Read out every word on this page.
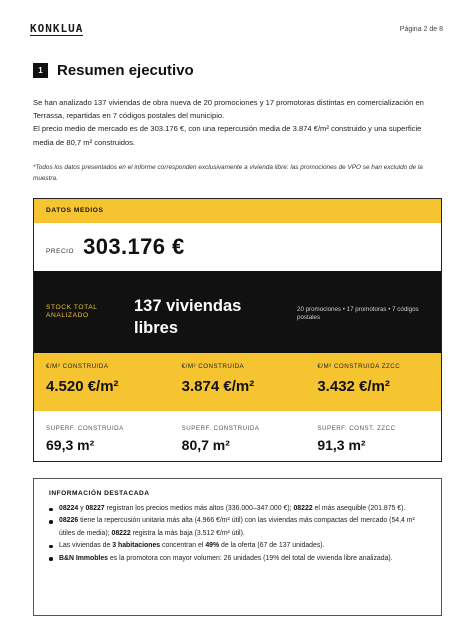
KONKLUA	Página 2 de 8
1 Resumen ejecutivo

Se han analizado 137 viviendas de obra nueva de 20 promociones y 17 promotoras distintas en comercialización en Terrassa, repartidas en 7 códigos postales del municipio.

El precio medio de mercado es de 303.176 €, con una repercusión media de 3.874 €/m² construido y una superficie media de 80,7 m² construidos.

*Todos los datos presentados en el informe corresponden exclusivamente a vivienda libre: las promociones de VPO se han excluido de la muestra.
DATOS MEDIOS
PRECIO 303.176 €
STOCK TOTAL ANALIZADO
137 viviendas libres
20 promociones • 17 promotoras • 7 códigos postales
€/M² CONSTRUIDA
4.520 €/m²
€/M² CONSTRUIDA
3.874 €/m²
€/M² CONSTRUIDA ZZCC
3.432 €/m²
SUPERF. CONSTRUIDA
69,3 m²
SUPERF. CONSTRUIDA
80,7 m²
SUPERF. CONST. ZZCC
91,3 m²
INFORMACIÓN DESTACADA
08224 y 08227 registran los precios medios más altos (336.000–347.000 €); 08222 el más asequible (201.875 €).
08226 tiene la repercusión unitaria más alta (4.966 €/m² útil) con las viviendas más compactas del mercado (54,4 m² útiles de media); 08222 registra la más baja (3.512 €/m² útil).
Las viviendas de 3 habitaciones concentran el 49% de la oferta (67 de 137 unidades).
B&N Immobles es la promotora con mayor volumen: 26 unidades (19% del total de vivienda libre analizada).
